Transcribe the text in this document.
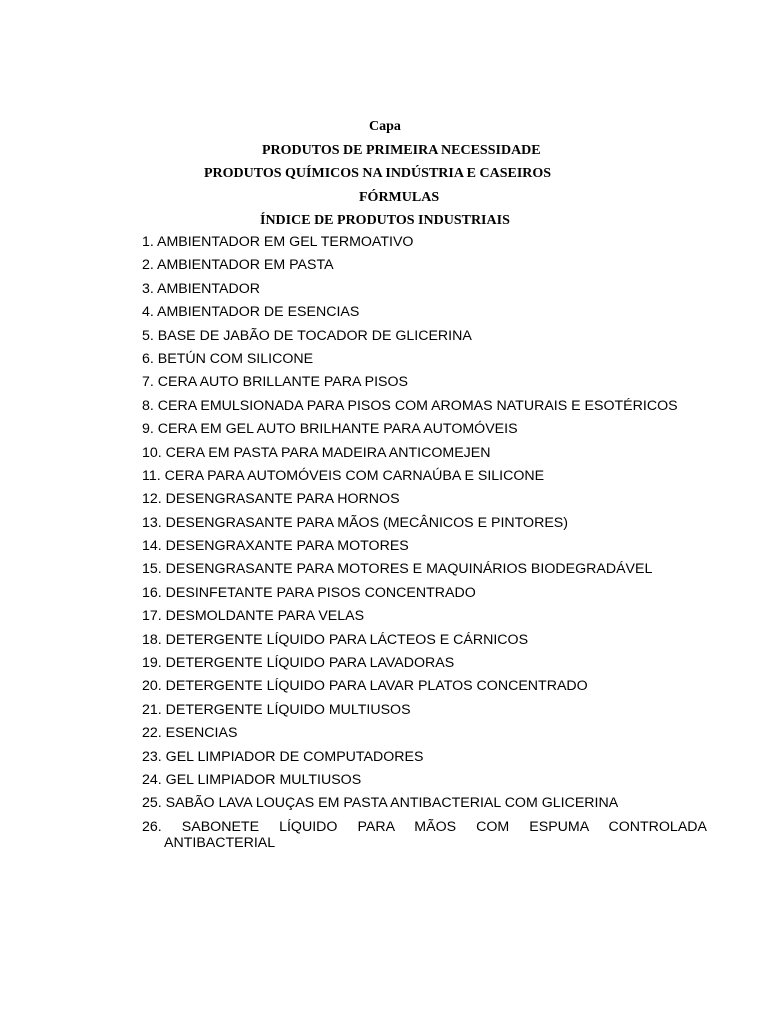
Capa

PRODUTOS DE PRIMEIRA NECESSIDADE

PRODUTOS QUÍMICOS NA INDÚSTRIA E CASEIROS

FÓRMULAS

ÍNDICE DE PRODUTOS INDUSTRIAIS

1. AMBIENTADOR EM GEL TERMOATIVO
2. AMBIENTADOR EM PASTA
3. AMBIENTADOR
4. AMBIENTADOR DE ESENCIAS
5. BASE DE JABÃO DE TOCADOR DE GLICERINA
6. BETÚN COM SILICONE
7. CERA AUTO BRILLANTE PARA PISOS
8. CERA EMULSIONADA PARA PISOS COM AROMAS NATURAIS E ESOTÉRICOS
9. CERA EM GEL AUTO BRILHANTE PARA AUTOMÓVEIS
10. CERA EM PASTA PARA MADEIRA ANTICOMEJEN
11. CERA PARA AUTOMÓVEIS COM CARNAÚBA E SILICONE
12. DESENGRASANTE PARA HORNOS
13. DESENGRASANTE PARA MÃOS (MECÂNICOS E PINTORES)
14. DESENGRAXANTE PARA MOTORES
15. DESENGRASANTE PARA MOTORES E MAQUINÁRIOS BIODEGRADÁVEL
16. DESINFETANTE PARA PISOS CONCENTRADO
17. DESMOLDANTE PARA VELAS
18. DETERGENTE LÍQUIDO PARA LÁCTEOS E CÁRNICOS
19. DETERGENTE LÍQUIDO PARA LAVADORAS
20. DETERGENTE LÍQUIDO PARA LAVAR PLATOS CONCENTRADO
21. DETERGENTE LÍQUIDO MULTIUSOS
22. ESENCIAS
23. GEL LIMPIADOR DE COMPUTADORES
24. GEL LIMPIADOR MULTIUSOS
25. SABÃO LAVA LOUÇAS EM PASTA ANTIBACTERIAL COM GLICERINA
26. SABONETE LÍQUIDO PARA MÃOS COM ESPUMA CONTROLADA ANTIBACTERIAL
